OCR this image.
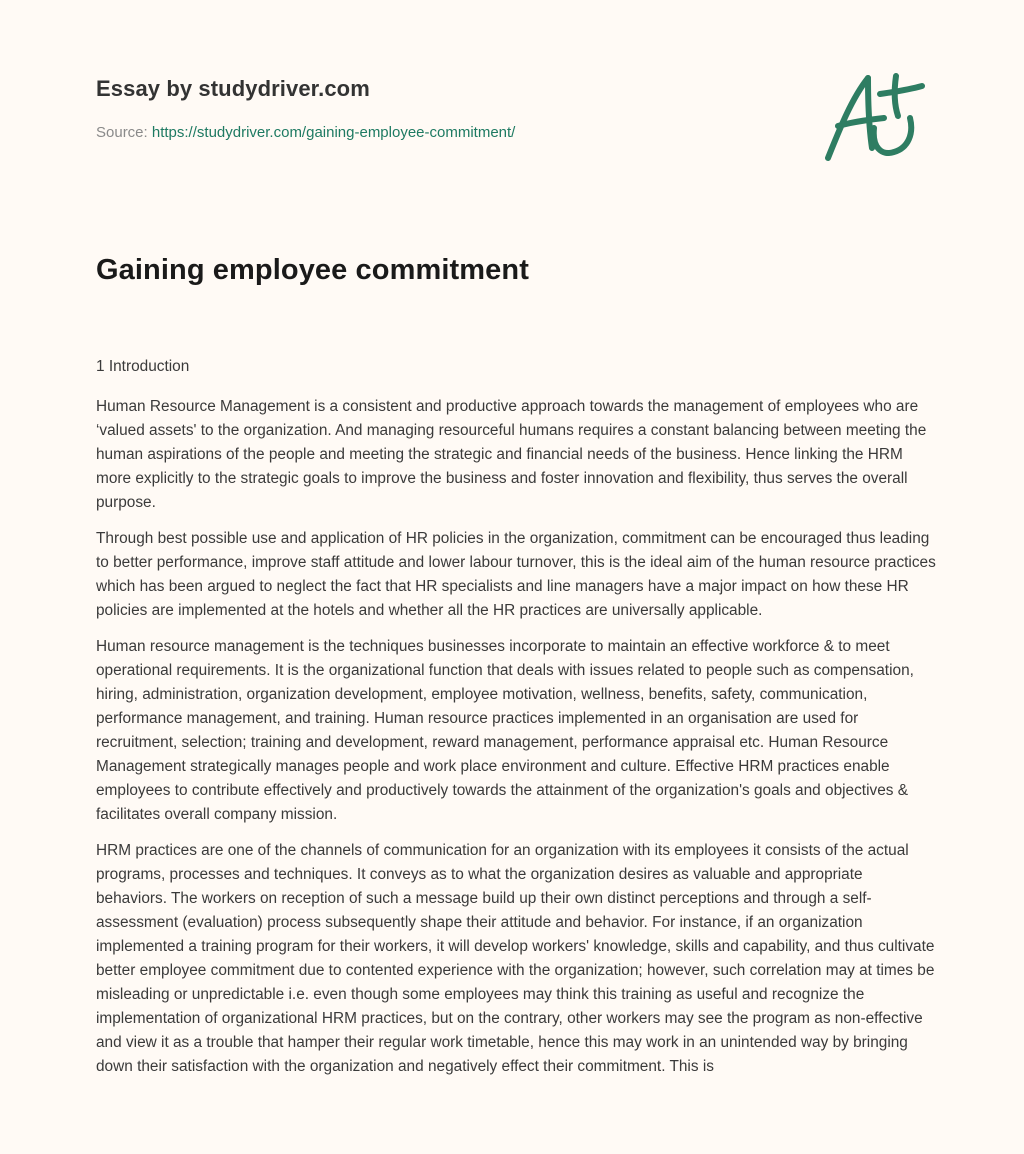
Essay by studydriver.com
Source: https://studydriver.com/gaining-employee-commitment/
Gaining employee commitment

1 Introduction

Human Resource Management is a consistent and productive approach towards the management of employees who are ‘valued assets' to the organization. And managing resourceful humans requires a constant balancing between meeting the human aspirations of the people and meeting the strategic and financial needs of the business. Hence linking the HRM more explicitly to the strategic goals to improve the business and foster innovation and flexibility, thus serves the overall purpose.

Through best possible use and application of HR policies in the organization, commitment can be encouraged thus leading to better performance, improve staff attitude and lower labour turnover, this is the ideal aim of the human resource practices which has been argued to neglect the fact that HR specialists and line managers have a major impact on how these HR policies are implemented at the hotels and whether all the HR practices are universally applicable.

Human resource management is the techniques businesses incorporate to maintain an effective workforce & to meet operational requirements. It is the organizational function that deals with issues related to people such as compensation, hiring, administration, organization development, employee motivation, wellness, benefits, safety, communication, performance management, and training. Human resource practices implemented in an organisation are used for recruitment, selection; training and development, reward management, performance appraisal etc. Human Resource Management strategically manages people and work place environment and culture. Effective HRM practices enable employees to contribute effectively and productively towards the attainment of the organization's goals and objectives & facilitates overall company mission.

HRM practices are one of the channels of communication for an organization with its employees it consists of the actual programs, processes and techniques. It conveys as to what the organization desires as valuable and appropriate behaviors. The workers on reception of such a message build up their own distinct perceptions and through a self-assessment (evaluation) process subsequently shape their attitude and behavior. For instance, if an organization implemented a training program for their workers, it will develop workers' knowledge, skills and capability, and thus cultivate better employee commitment due to contented experience with the organization; however, such correlation may at times be misleading or unpredictable i.e. even though some employees may think this training as useful and recognize the implementation of organizational HRM practices, but on the contrary, other workers may see the program as non-effective and view it as a trouble that hamper their regular work timetable, hence this may work in an unintended way by bringing down their satisfaction with the organization and negatively effect their commitment. This is
